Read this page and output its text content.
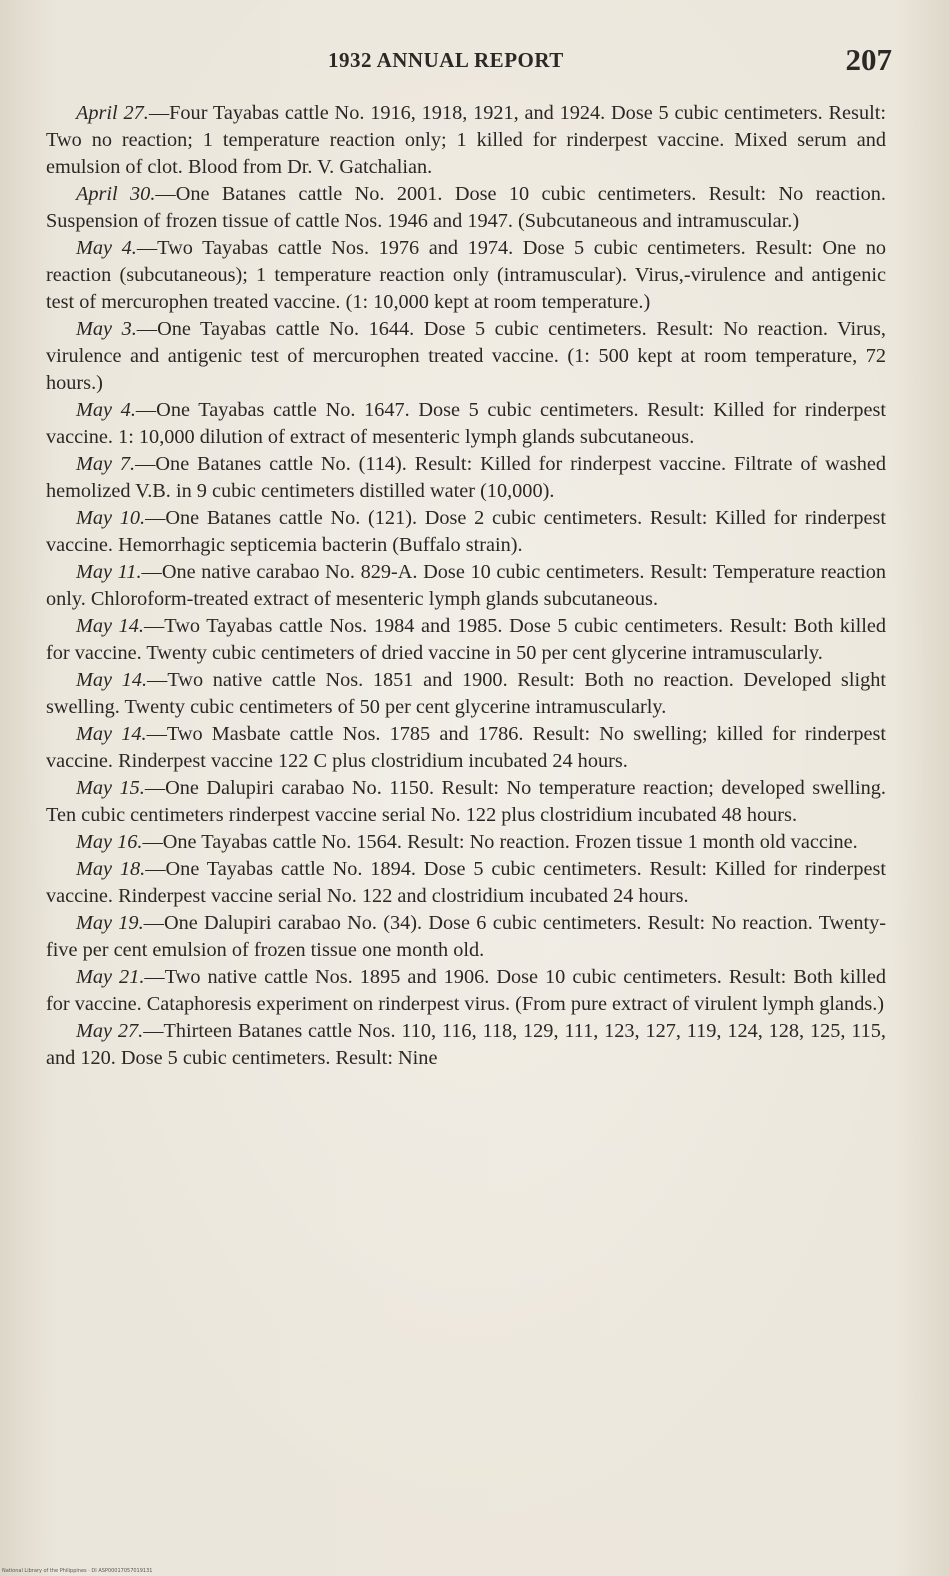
1932 ANNUAL REPORT	207

April 27.—Four Tayabas cattle No. 1916, 1918, 1921, and 1924. Dose 5 cubic centimeters. Result: Two no reaction; 1 temperature reaction only; 1 killed for rinderpest vaccine. Mixed serum and emulsion of clot. Blood from Dr. V. Gatchalian.

April 30.—One Batanes cattle No. 2001. Dose 10 cubic centimeters. Result: No reaction. Suspension of frozen tissue of cattle Nos. 1946 and 1947. (Subcutaneous and intramuscular.)

May 4.—Two Tayabas cattle Nos. 1976 and 1974. Dose 5 cubic centimeters. Result: One no reaction (subcutaneous); 1 temperature reaction only (intramuscular). Virus,-virulence and antigenic test of mercurophen treated vaccine. (1: 10,000 kept at room temperature.)

May 3.—One Tayabas cattle No. 1644. Dose 5 cubic centimeters. Result: No reaction. Virus, virulence and antigenic test of mercurophen treated vaccine. (1: 500 kept at room temperature, 72 hours.)

May 4.—One Tayabas cattle No. 1647. Dose 5 cubic centimeters. Result: Killed for rinderpest vaccine. 1: 10,000 dilution of extract of mesenteric lymph glands subcutaneous.

May 7.—One Batanes cattle No. (114). Result: Killed for rinderpest vaccine. Filtrate of washed hemolized V.B. in 9 cubic centimeters distilled water (10,000).

May 10.—One Batanes cattle No. (121). Dose 2 cubic centimeters. Result: Killed for rinderpest vaccine. Hemorrhagic septicemia bacterin (Buffalo strain).

May 11.—One native carabao No. 829-A. Dose 10 cubic centimeters. Result: Temperature reaction only. Chloroform-treated extract of mesenteric lymph glands subcutaneous.

May 14.—Two Tayabas cattle Nos. 1984 and 1985. Dose 5 cubic centimeters. Result: Both killed for vaccine. Twenty cubic centimeters of dried vaccine in 50 per cent glycerine intramuscularly.

May 14.—Two native cattle Nos. 1851 and 1900. Result: Both no reaction. Developed slight swelling. Twenty cubic centimeters of 50 per cent glycerine intramuscularly.

May 14.—Two Masbate cattle Nos. 1785 and 1786. Result: No swelling; killed for rinderpest vaccine. Rinderpest vaccine 122 C plus clostridium incubated 24 hours.

May 15.—One Dalupiri carabao No. 1150. Result: No temperature reaction; developed swelling. Ten cubic centimeters rinderpest vaccine serial No. 122 plus clostridium incubated 48 hours.

May 16.—One Tayabas cattle No. 1564. Result: No reaction. Frozen tissue 1 month old vaccine.

May 18.—One Tayabas cattle No. 1894. Dose 5 cubic centimeters. Result: Killed for rinderpest vaccine. Rinderpest vaccine serial No. 122 and clostridium incubated 24 hours.

May 19.—One Dalupiri carabao No. (34). Dose 6 cubic centimeters. Result: No reaction. Twenty-five per cent emulsion of frozen tissue one month old.

May 21.—Two native cattle Nos. 1895 and 1906. Dose 10 cubic centimeters. Result: Both killed for vaccine. Cataphoresis experiment on rinderpest virus. (From pure extract of virulent lymph glands.)

May 27.—Thirteen Batanes cattle Nos. 110, 116, 118, 129, 111, 123, 127, 119, 124, 128, 125, 115, and 120. Dose 5 cubic centimeters. Result: Nine

National Library of the Philippines · DI ASP00017057019131
